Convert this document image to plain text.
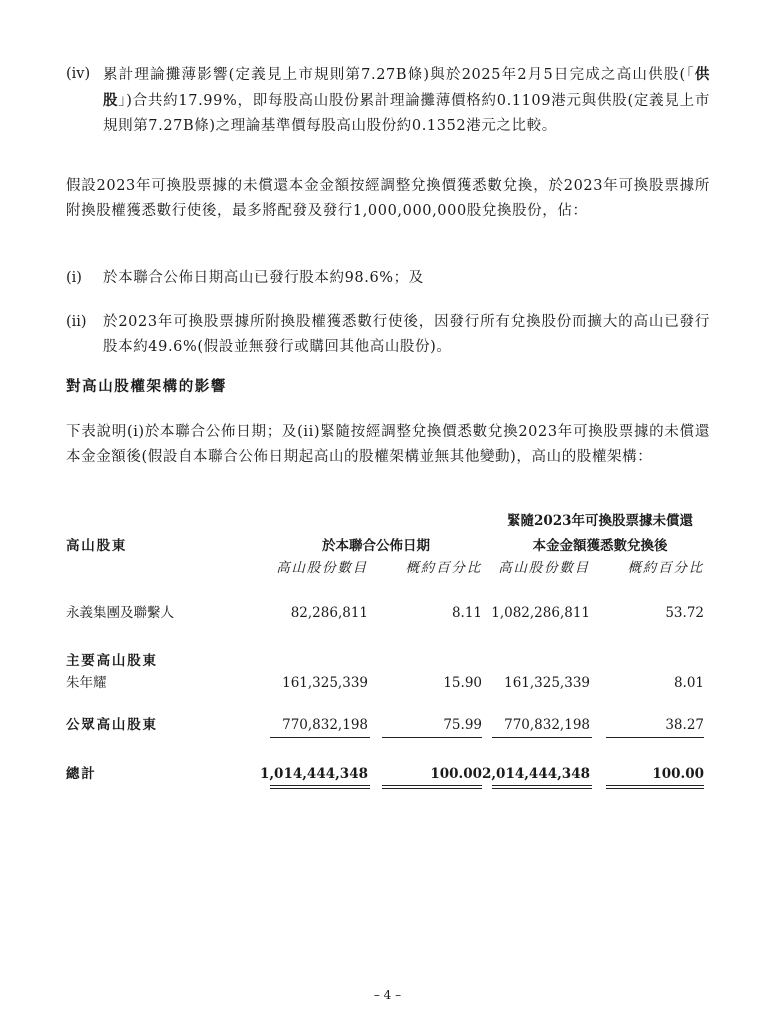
(iv) 累計理論攤薄影響(定義見上市規則第7.27B條)與於2025年2月5日完成之高山供股(「供股」)合共約17.99%，即每股高山股份累計理論攤薄價格約0.1109港元與供股(定義見上市規則第7.27B條)之理論基準價每股高山股份約0.1352港元之比較。
假設2023年可換股票據的未償還本金金額按經調整兌換價獲悉數兌換，於2023年可換股票據所附換股權獲悉數行使後，最多將配發及發行1,000,000,000股兌換股份，佔：
(i) 於本聯合公佈日期高山已發行股本約98.6%；及
(ii) 於2023年可換股票據所附換股權獲悉數行使後，因發行所有兌換股份而擴大的高山已發行股本約49.6%(假設並無發行或購回其他高山股份)。
對高山股權架構的影響
下表說明(i)於本聯合公佈日期；及(ii)緊隨按經調整兌換價悉數兌換2023年可換股票據的未償還本金金額後(假設自本聯合公佈日期起高山的股權架構並無其他變動)，高山的股權架構：
緊隨2023年可換股票據未償還
高山股東	於本聯合公佈日期	本金金額獲悉數兌換後
高山股份數目	概約百分比	高山股份數目	概約百分比
永義集團及聯繫人	82,286,811	8.11 1,082,286,811	53.72
主要高山股東
朱年耀	161,325,339	15.90	161,325,339	8.01
公眾高山股東	770,832,198	75.99	770,832,198	38.27
總計	1,014,444,348	100.00 2,014,444,348	100.00
– 4 –
